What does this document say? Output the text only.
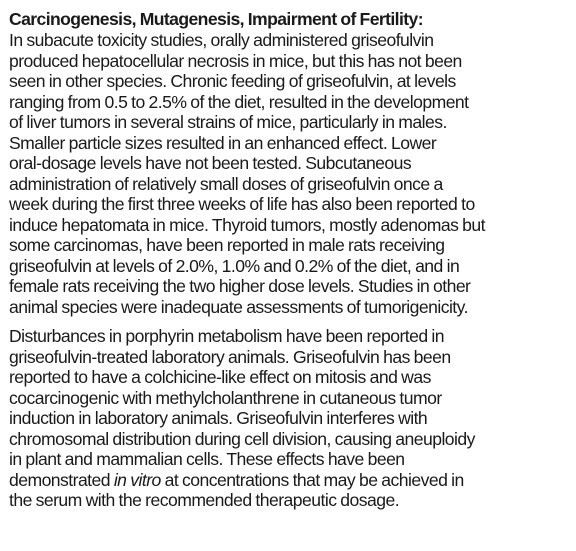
Carcinogenesis, Mutagenesis, Impairment of Fertility:
In subacute toxicity studies, orally administered griseofulvin
produced hepatocellular necrosis in mice, but this has not been
seen in other species. Chronic feeding of griseofulvin, at levels
ranging from 0.5 to 2.5% of the diet, resulted in the development
of liver tumors in several strains of mice, particularly in males.
Smaller particle sizes resulted in an enhanced effect. Lower
oral-dosage levels have not been tested. Subcutaneous
administration of relatively small doses of griseofulvin once a
week during the first three weeks of life has also been reported to
induce hepatomata in mice. Thyroid tumors, mostly adenomas but
some carcinomas, have been reported in male rats receiving
griseofulvin at levels of 2.0%, 1.0% and 0.2% of the diet, and in
female rats receiving the two higher dose levels. Studies in other
animal species were inadequate assessments of tumorigenicity.
Disturbances in porphyrin metabolism have been reported in
griseofulvin-treated laboratory animals. Griseofulvin has been
reported to have a colchicine-like effect on mitosis and was
cocarcinogenic with methylcholanthrene in cutaneous tumor
induction in laboratory animals. Griseofulvin interferes with
chromosomal distribution during cell division, causing aneuploidy
in plant and mammalian cells. These effects have been
demonstrated in vitro at concentrations that may be achieved in
the serum with the recommended therapeutic dosage.
